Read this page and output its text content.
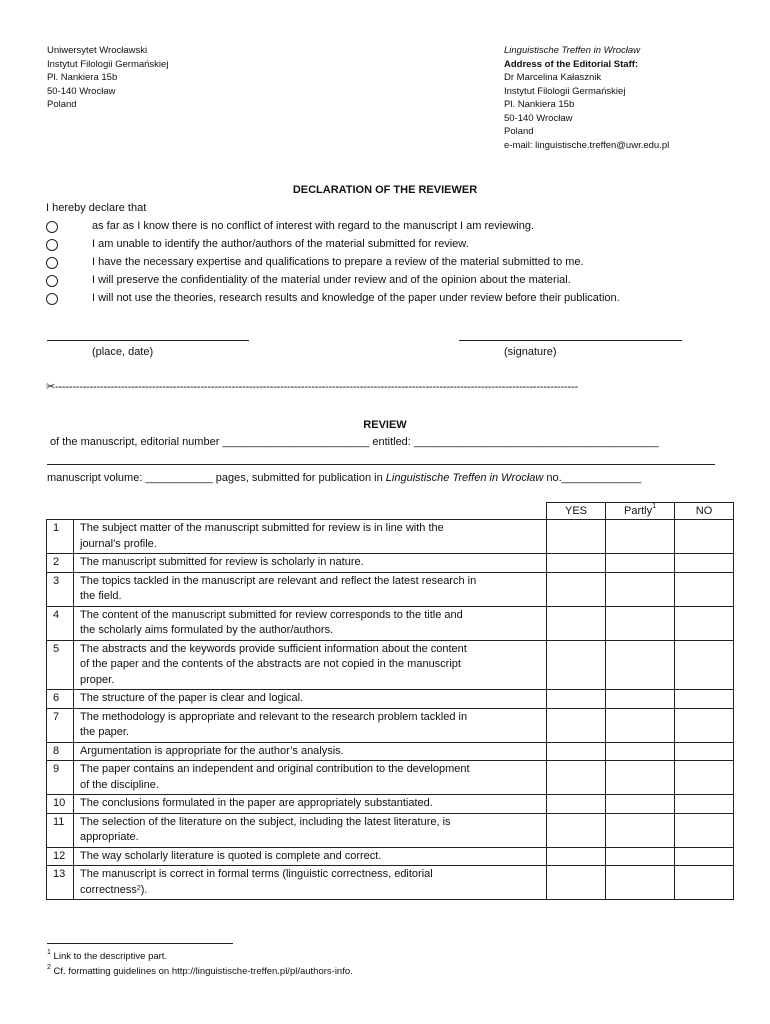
Uniwersytet Wrocławski
Instytut Filologii Germańskiej
Pl. Nankiera 15b
50-140 Wrocław
Poland
Linguistische Treffen in Wrocław
Address of the Editorial Staff:
Dr Marcelina Kałasznik
Instytut Filologii Germańskiej
Pl. Nankiera 15b
50-140 Wrocław
Poland
e-mail: linguistische.treffen@uwr.edu.pl
DECLARATION OF THE REVIEWER
I hereby declare that
as far as I know there is no conflict of interest with regard to the manuscript I am reviewing.
I am unable to identify the author/authors of the material submitted for review.
I have the necessary expertise and qualifications to prepare a review of the material submitted to me.
I will preserve the confidentiality of the material under review and of the opinion about the material.
I will not use the theories, research results and knowledge of the paper under review before their publication.
(place, date)	(signature)
✂-------------------------------------------------------------------------------------------------------------------------------------------------------
REVIEW
of the manuscript, editorial number ________________________ entitled: ________________________________________
manuscript volume: ___________ pages, submitted for publication in Linguistische Treffen in Wrocław no._____________
		YES	Partly$^1$	NO
1	The subject matter of the manuscript submitted for review is in line with the
journal’s profile.			

2	The manuscript submitted for review is scholarly in nature.			

3	The topics tackled in the manuscript are relevant and reflect the latest research in
the field.			

4	The content of the manuscript submitted for review corresponds to the title and
the scholarly aims formulated by the author/authors.			

5	The abstracts and the keywords provide sufficient information about the content
of the paper and the contents of the abstracts are not copied in the manuscript
proper.			

6	The structure of the paper is clear and logical.			

7	The methodology is appropriate and relevant to the research problem tackled in
the paper.			

8	Argumentation is appropriate for the author’s analysis.			

9	The paper contains an independent and original contribution to the development
of the discipline.			

10	The conclusions formulated in the paper are appropriately substantiated.			

11	The selection of the literature on the subject, including the latest literature, is
appropriate.			

12	The way scholarly literature is quoted is complete and correct.			

13	The manuscript is correct in formal terms (linguistic correctness, editorial
correctness$^2$).			

$^1$ Link to the descriptive part.
$^2$ Cf. formatting guidelines on http://linguistische-treffen.pl/pl/authors-info.
